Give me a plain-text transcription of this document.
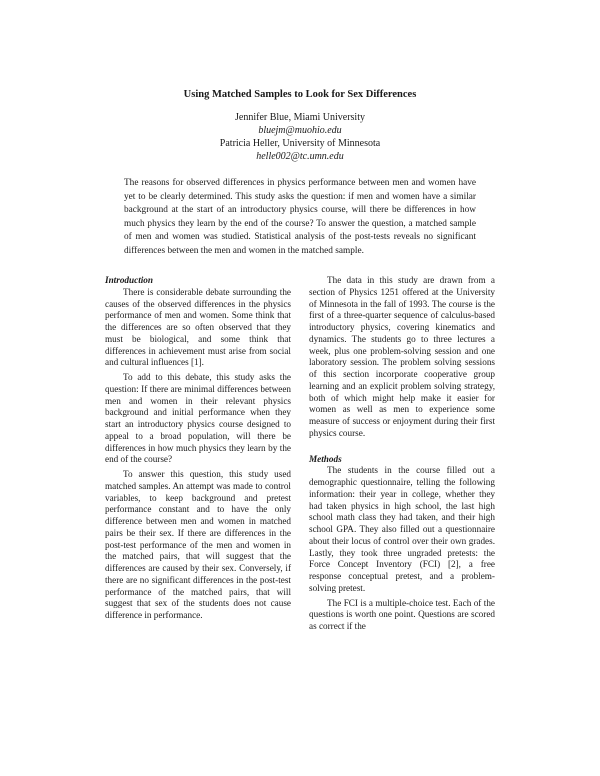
Using Matched Samples to Look for Sex Differences
Jennifer Blue, Miami University
bluejm@muohio.edu
Patricia Heller, University of Minnesota
helle002@tc.umn.edu

The reasons for observed differences in physics performance between men and women have yet to be clearly determined. This study asks the question: if men and women have a similar background at the start of an introductory physics course, will there be differences in how much physics they learn by the end of the course? To answer the question, a matched sample of men and women was studied. Statistical analysis of the post-tests reveals no significant differences between the men and women in the matched sample.

Introduction

There is considerable debate surrounding the causes of the observed differences in the physics performance of men and women. Some think that the differences are so often observed that they must be biological, and some think that differences in achievement must arise from social and cultural influences [1].

To add to this debate, this study asks the question: If there are minimal differences between men and women in their relevant physics background and initial performance when they start an introductory physics course designed to appeal to a broad population, will there be differences in how much physics they learn by the end of the course?

To answer this question, this study used matched samples. An attempt was made to control variables, to keep background and pretest performance constant and to have the only difference between men and women in matched pairs be their sex. If there are differences in the post-test performance of the men and women in the matched pairs, that will suggest that the differences are caused by their sex. Conversely, if there are no significant differences in the post-test performance of the matched pairs, that will suggest that sex of the students does not cause difference in performance.

The data in this study are drawn from a section of Physics 1251 offered at the University of Minnesota in the fall of 1993. The course is the first of a three-quarter sequence of calculus-based introductory physics, covering kinematics and dynamics. The students go to three lectures a week, plus one problem-solving session and one laboratory session. The problem solving sessions of this section incorporate cooperative group learning and an explicit problem solving strategy, both of which might help make it easier for women as well as men to experience some measure of success or enjoyment during their first physics course.

Methods

The students in the course filled out a demographic questionnaire, telling the following information: their year in college, whether they had taken physics in high school, the last high school math class they had taken, and their high school GPA. They also filled out a questionnaire about their locus of control over their own grades. Lastly, they took three ungraded pretests: the Force Concept Inventory (FCI) [2], a free response conceptual pretest, and a problem-solving pretest.

The FCI is a multiple-choice test. Each of the questions is worth one point. Questions are scored as correct if the
